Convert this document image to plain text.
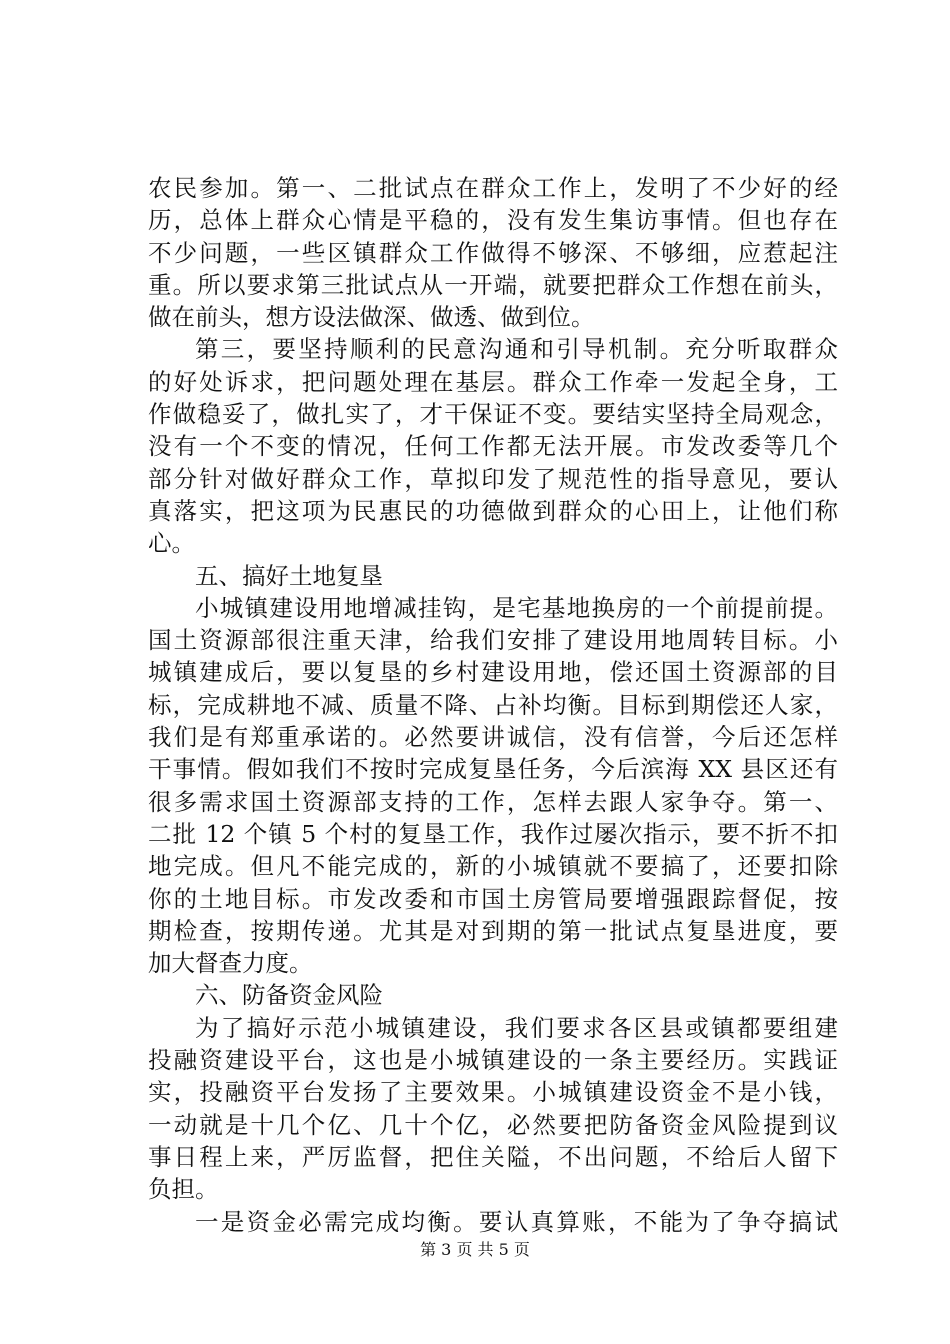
农民参加。第一、二批试点在群众工作上，发明了不少好的经
历，总体上群众心情是平稳的，没有发生集访事情。但也存在
不少问题，一些区镇群众工作做得不够深、不够细，应惹起注
重。所以要求第三批试点从一开端，就要把群众工作想在前头，
做在前头，想方设法做深、做透、做到位。
第三，要坚持顺利的民意沟通和引导机制。充分听取群众
的好处诉求，把问题处理在基层。群众工作牵一发起全身，工
作做稳妥了，做扎实了，才干保证不变。要结实坚持全局观念，
没有一个不变的情况，任何工作都无法开展。市发改委等几个
部分针对做好群众工作，草拟印发了规范性的指导意见，要认
真落实，把这项为民惠民的功德做到群众的心田上，让他们称
心。
五、搞好土地复垦
小城镇建设用地增减挂钩，是宅基地换房的一个前提前提。
国土资源部很注重天津，给我们安排了建设用地周转目标。小
城镇建成后，要以复垦的乡村建设用地，偿还国土资源部的目
标，完成耕地不减、质量不降、占补均衡。目标到期偿还人家，
我们是有郑重承诺的。必然要讲诚信，没有信誉，今后还怎样
干事情。假如我们不按时完成复垦任务，今后滨海 XX 县区还有
很多需求国土资源部支持的工作，怎样去跟人家争夺。第一、
二批 12 个镇 5 个村的复垦工作，我作过屡次指示，要不折不扣
地完成。但凡不能完成的，新的小城镇就不要搞了，还要扣除
你的土地目标。市发改委和市国土房管局要增强跟踪督促，按
期检查，按期传递。尤其是对到期的第一批试点复垦进度，要
加大督查力度。
六、防备资金风险
为了搞好示范小城镇建设，我们要求各区县或镇都要组建
投融资建设平台，这也是小城镇建设的一条主要经历。实践证
实，投融资平台发扬了主要效果。小城镇建设资金不是小钱，
一动就是十几个亿、几十个亿，必然要把防备资金风险提到议
事日程上来，严厉监督，把住关隘，不出问题，不给后人留下
负担。
一是资金必需完成均衡。要认真算账，不能为了争夺搞试
第 3 页 共 5 页
